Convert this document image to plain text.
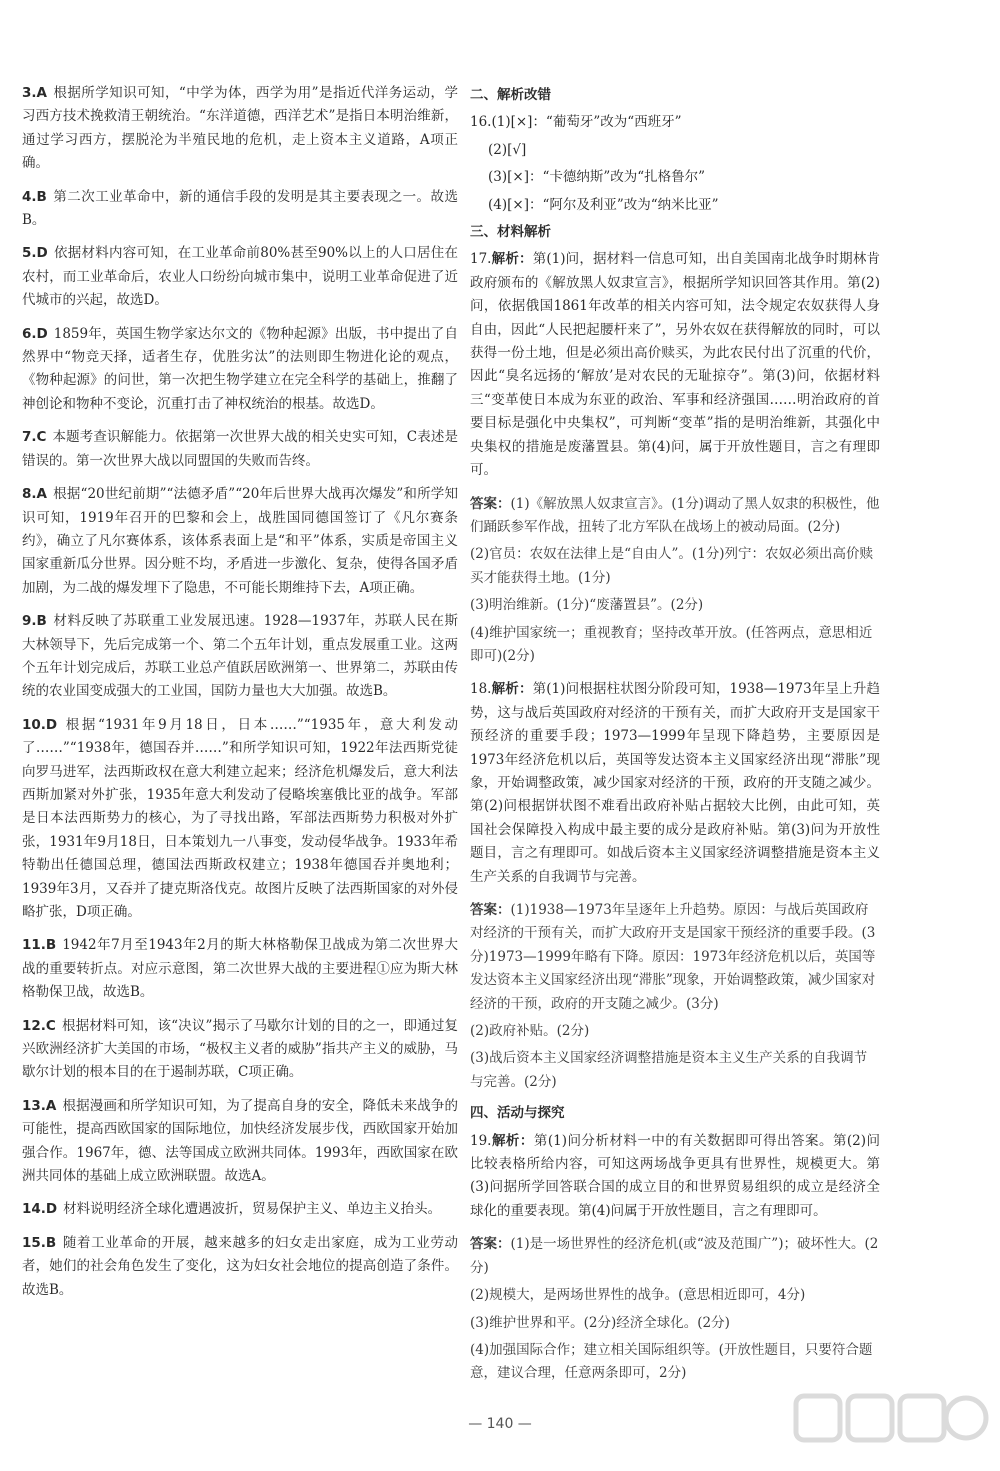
3.A 根据所学知识可知，“中学为体，西学为用”是指近代洋务运动，学习西方技术挽救清王朝统治。“东洋道德，西洋艺术”是指日本明治维新，通过学习西方，摆脱沦为半殖民地的危机，走上资本主义道路，A项正确。
4.B 第二次工业革命中，新的通信手段的发明是其主要表现之一。故选B。
5.D 依据材料内容可知，在工业革命前80%甚至90%以上的人口居住在农村，而工业革命后，农业人口纷纷向城市集中，说明工业革命促进了近代城市的兴起，故选D。
6.D 1859年，英国生物学家达尔文的《物种起源》出版，书中提出了自然界中“物竞天择，适者生存，优胜劣汰”的法则即生物进化论的观点，《物种起源》的问世，第一次把生物学建立在完全科学的基础上，推翻了神创论和物种不变论，沉重打击了神权统治的根基。故选D。
7.C 本题考查识解能力。依据第一次世界大战的相关史实可知，C表述是错误的。第一次世界大战以同盟国的失败而告终。
8.A 根据“20世纪前期”“法德矛盾”“20年后世界大战再次爆发”和所学知识可知，1919年召开的巴黎和会上，战胜国同德国签订了《凡尔赛条约》，确立了凡尔赛体系，该体系表面上是“和平”体系，实质是帝国主义国家重新瓜分世界。因分赃不均，矛盾进一步激化、复杂，使得各国矛盾加剧，为二战的爆发埋下了隐患，不可能长期维持下去，A项正确。
9.B 材料反映了苏联重工业发展迅速。1928—1937年，苏联人民在斯大林领导下，先后完成第一个、第二个五年计划，重点发展重工业。这两个五年计划完成后，苏联工业总产值跃居欧洲第一、世界第二，苏联由传统的农业国变成强大的工业国，国防力量也大大加强。故选B。
10.D 根据“1931年9月18日，日本……”“1935年，意大利发动了……”“1938年，德国吞并……”和所学知识可知，1922年法西斯党徒向罗马进军，法西斯政权在意大利建立起来；经济危机爆发后，意大利法西斯加紧对外扩张，1935年意大利发动了侵略埃塞俄比亚的战争。军部是日本法西斯势力的核心，为了寻找出路，军部法西斯势力积极对外扩张，1931年9月18日，日本策划九一八事变，发动侵华战争。1933年希特勒出任德国总理，德国法西斯政权建立；1938年德国吞并奥地利；1939年3月，又吞并了捷克斯洛伐克。故图片反映了法西斯国家的对外侵略扩张，D项正确。
11.B 1942年7月至1943年2月的斯大林格勒保卫战成为第二次世界大战的重要转折点。对应示意图，第二次世界大战的主要进程①应为斯大林格勒保卫战，故选B。
12.C 根据材料可知，该“决议”揭示了马歇尔计划的目的之一，即通过复兴欧洲经济扩大美国的市场，“极权主义者的威胁”指共产主义的威胁，马歇尔计划的根本目的在于遏制苏联，C项正确。
13.A 根据漫画和所学知识可知，为了提高自身的安全，降低未来战争的可能性，提高西欧国家的国际地位，加快经济发展步伐，西欧国家开始加强合作。1967年，德、法等国成立欧洲共同体。1993年，西欧国家在欧洲共同体的基础上成立欧洲联盟。故选A。
14.D 材料说明经济全球化遭遇波折，贸易保护主义、单边主义抬头。
15.B 随着工业革命的开展，越来越多的妇女走出家庭，成为工业劳动者，她们的社会角色发生了变化，这为妇女社会地位的提高创造了条件。故选B。
二、解析改错
16.(1)[×]：“葡萄牙”改为“西班牙”
(2)[√]
(3)[×]：“卡德纳斯”改为“扎格鲁尔”
(4)[×]：“阿尔及利亚”改为“纳米比亚”
三、材料解析
17.解析：第(1)问，据材料一信息可知，出自美国南北战争时期林肯政府颁布的《解放黑人奴隶宣言》，根据所学知识回答其作用。第(2)问，依据俄国1861年改革的相关内容可知，法令规定农奴获得人身自由，因此“人民把起腰杆来了”，另外农奴在获得解放的同时，可以获得一份土地，但是必须出高价赎买，为此农民付出了沉重的代价，因此“臭名远扬的‘解放’是对农民的无耻掠夺”。第(3)问，依据材料三“变革使日本成为东亚的政治、军事和经济强国……明治政府的首要目标是强化中央集权”，可判断“变革”指的是明治维新，其强化中央集权的措施是废藩置县。第(4)问，属于开放性题目，言之有理即可。
答案：(1)《解放黑人奴隶宣言》。(1分)调动了黑人奴隶的积极性，他们踊跃参军作战，扭转了北方军队在战场上的被动局面。(2分)
(2)官员：农奴在法律上是“自由人”。(1分)列宁：农奴必须出高价赎买才能获得土地。(1分)
(3)明治维新。(1分)“废藩置县”。(2分)
(4)维护国家统一；重视教育；坚持改革开放。(任答两点，意思相近即可)(2分)
18.解析：第(1)问根据柱状图分阶段可知，1938—1973年呈上升趋势，这与战后英国政府对经济的干预有关，而扩大政府开支是国家干预经济的重要手段；1973—1999年呈现下降趋势，主要原因是1973年经济危机以后，英国等发达资本主义国家经济出现“滞胀”现象，开始调整政策，减少国家对经济的干预，政府的开支随之减少。第(2)问根据饼状图不难看出政府补贴占据较大比例，由此可知，英国社会保障投入构成中最主要的成分是政府补贴。第(3)问为开放性题目，言之有理即可。如战后资本主义国家经济调整措施是资本主义生产关系的自我调节与完善。
答案：(1)1938—1973年呈逐年上升趋势。原因：与战后英国政府对经济的干预有关，而扩大政府开支是国家干预经济的重要手段。(3分)1973—1999年略有下降。原因：1973年经济危机以后，英国等发达资本主义国家经济出现“滞胀”现象，开始调整政策，减少国家对经济的干预，政府的开支随之减少。(3分)
(2)政府补贴。(2分)
(3)战后资本主义国家经济调整措施是资本主义生产关系的自我调节与完善。(2分)
四、活动与探究
19.解析：第(1)问分析材料一中的有关数据即可得出答案。第(2)问比较表格所给内容，可知这两场战争更具有世界性，规模更大。第(3)问据所学回答联合国的成立目的和世界贸易组织的成立是经济全球化的重要表现。第(4)问属于开放性题目，言之有理即可。
答案：(1)是一场世界性的经济危机(或“波及范围广”)；破坏性大。(2分)
(2)规模大，是两场世界性的战争。(意思相近即可，4分)
(3)维护世界和平。(2分)经济全球化。(2分)
(4)加强国际合作；建立相关国际组织等。(开放性题目，只要符合题意，建议合理，任意两条即可，2分)
— 140 —
